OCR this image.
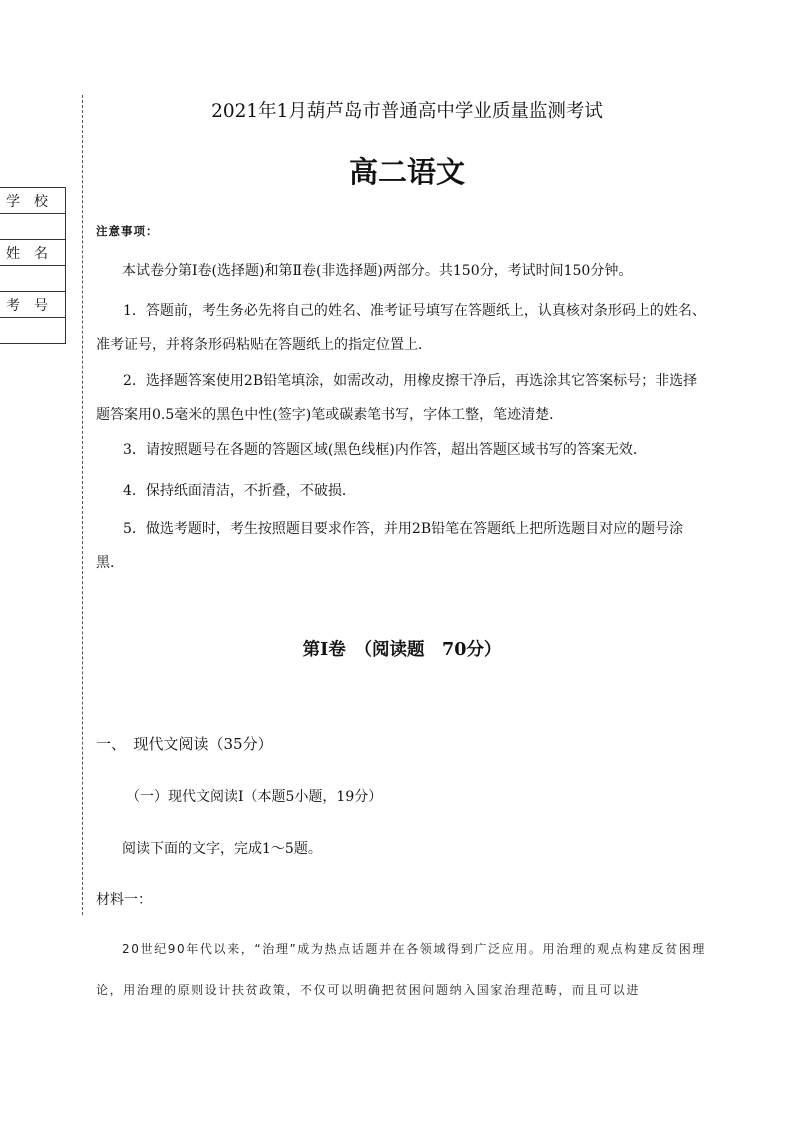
学校

姓名

考号

2021年1月葫芦岛市普通高中学业质量监测考试
高二语文
注意事项：
本试卷分第Ⅰ卷(选择题)和第Ⅱ卷(非选择题)两部分。共150分，考试时间150分钟。
1．答题前，考生务必先将自己的姓名、准考证号填写在答题纸上，认真核对条形码上的姓名、准考证号，并将条形码粘贴在答题纸上的指定位置上．
2．选择题答案使用2B铅笔填涂，如需改动，用橡皮擦干净后，再选涂其它答案标号；非选择题答案用0.5毫米的黑色中性(签字)笔或碳素笔书写，字体工整，笔迹清楚．
3．请按照题号在各题的答题区域(黑色线框)内作答，超出答题区域书写的答案无效．
4．保持纸面清洁，不折叠，不破损．
5．做选考题时，考生按照题目要求作答，并用2B铅笔在答题纸上把所选题目对应的题号涂黑．
第Ⅰ卷　（阅读题　70分）
一、　现代文阅读（35分）
（一）现代文阅读Ⅰ（本题5小题，19分）
阅读下面的文字，完成1～5题。
材料一：
20世纪90年代以来，“治理”成为热点话题并在各领域得到广泛应用。用治理的观点构建反贫困理论，用治理的原则设计扶贫政策，不仅可以明确把贫困问题纳入国家治理范畴，而且可以进
